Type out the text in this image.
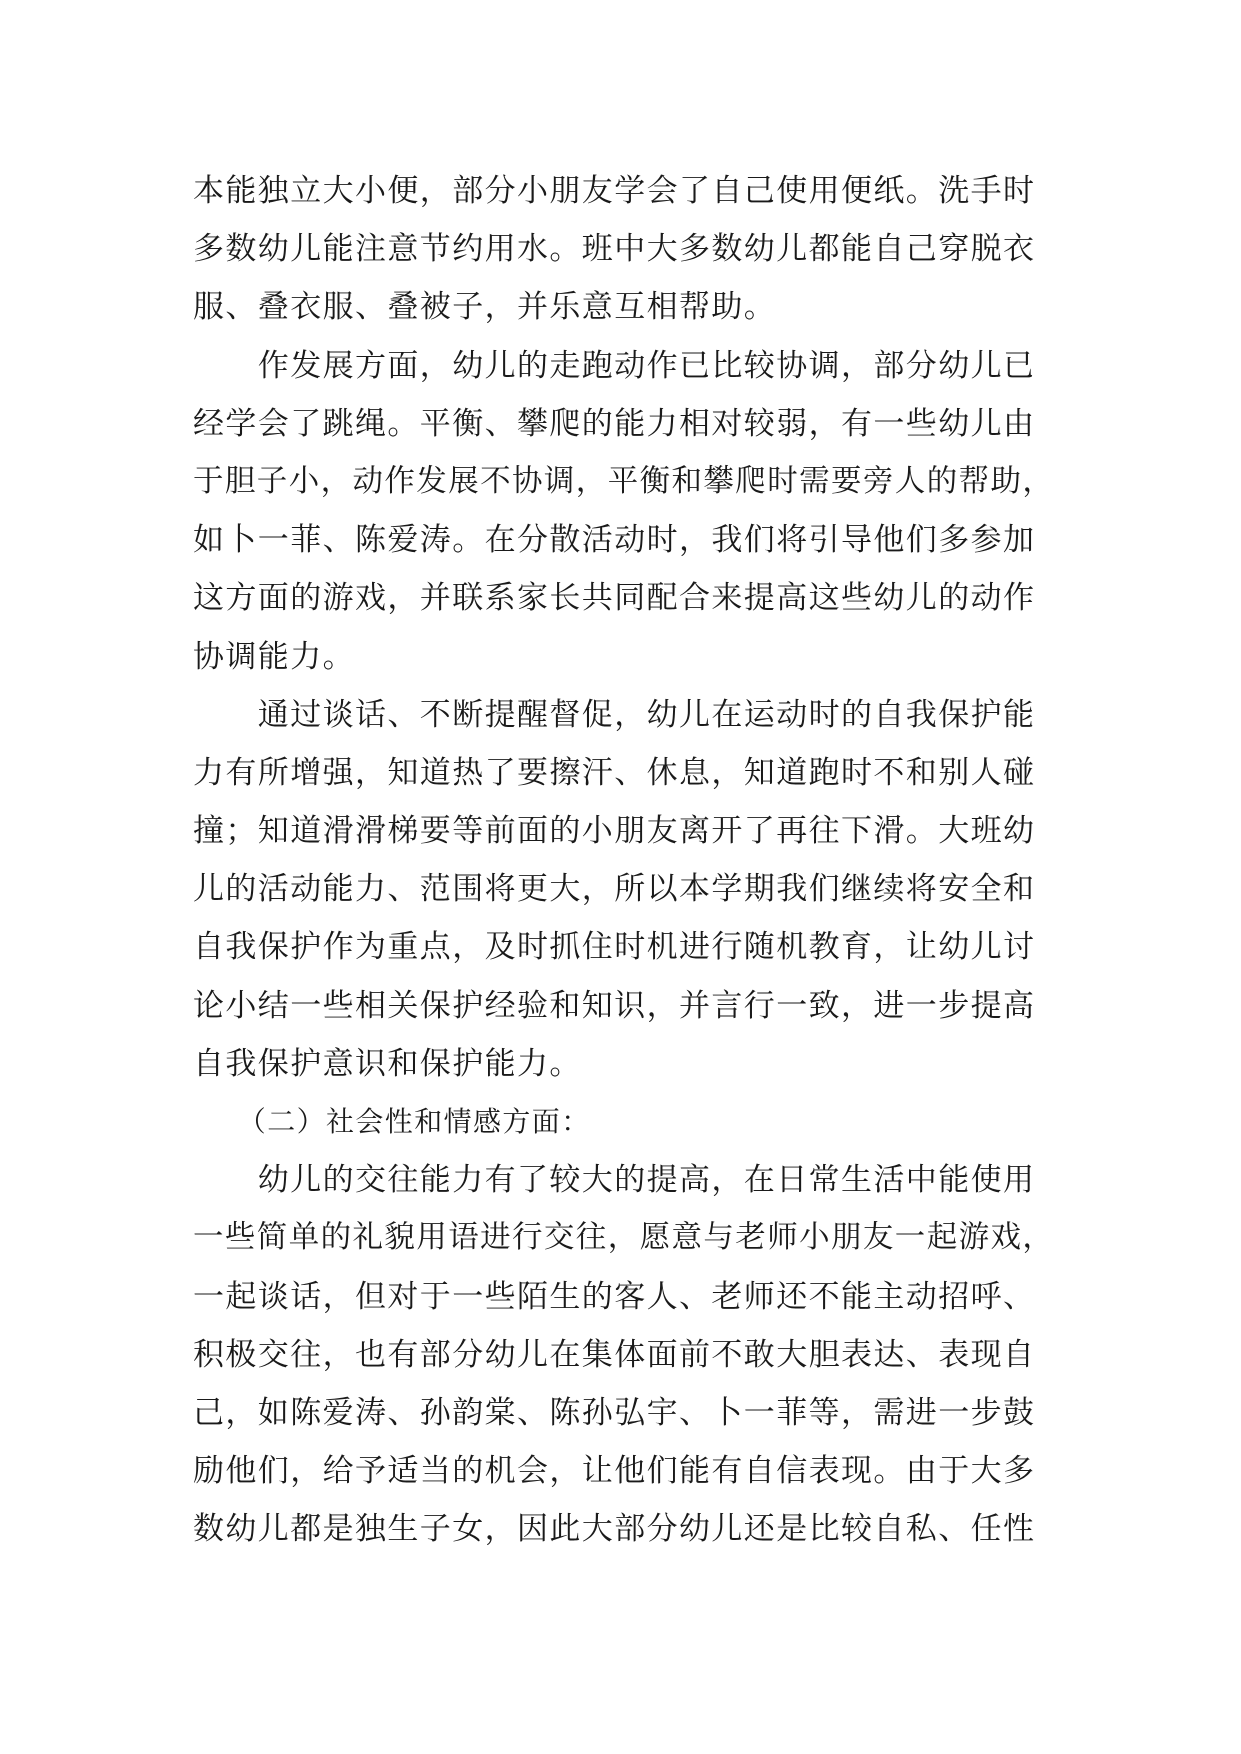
本能独立大小便，部分小朋友学会了自己使用便纸。洗手时
多数幼儿能注意节约用水。班中大多数幼儿都能自己穿脱衣
服、叠衣服、叠被子，并乐意互相帮助。
　　作发展方面，幼儿的走跑动作已比较协调，部分幼儿已
经学会了跳绳。平衡、攀爬的能力相对较弱，有一些幼儿由
于胆子小，动作发展不协调，平衡和攀爬时需要旁人的帮助，
如卜一菲、陈爱涛。在分散活动时，我们将引导他们多参加
这方面的游戏，并联系家长共同配合来提高这些幼儿的动作
协调能力。
　　通过谈话、不断提醒督促，幼儿在运动时的自我保护能
力有所增强，知道热了要擦汗、休息，知道跑时不和别人碰
撞；知道滑滑梯要等前面的小朋友离开了再往下滑。大班幼
儿的活动能力、范围将更大，所以本学期我们继续将安全和
自我保护作为重点，及时抓住时机进行随机教育，让幼儿讨
论小结一些相关保护经验和知识，并言行一致，进一步提高
自我保护意识和保护能力。
　　（二）社会性和情感方面：
　　幼儿的交往能力有了较大的提高，在日常生活中能使用
一些简单的礼貌用语进行交往，愿意与老师小朋友一起游戏，
一起谈话，但对于一些陌生的客人、老师还不能主动招呼、
积极交往，也有部分幼儿在集体面前不敢大胆表达、表现自
己，如陈爱涛、孙韵棠、陈孙弘宇、卜一菲等，需进一步鼓
励他们，给予适当的机会，让他们能有自信表现。由于大多
数幼儿都是独生子女，因此大部分幼儿还是比较自私、任性
